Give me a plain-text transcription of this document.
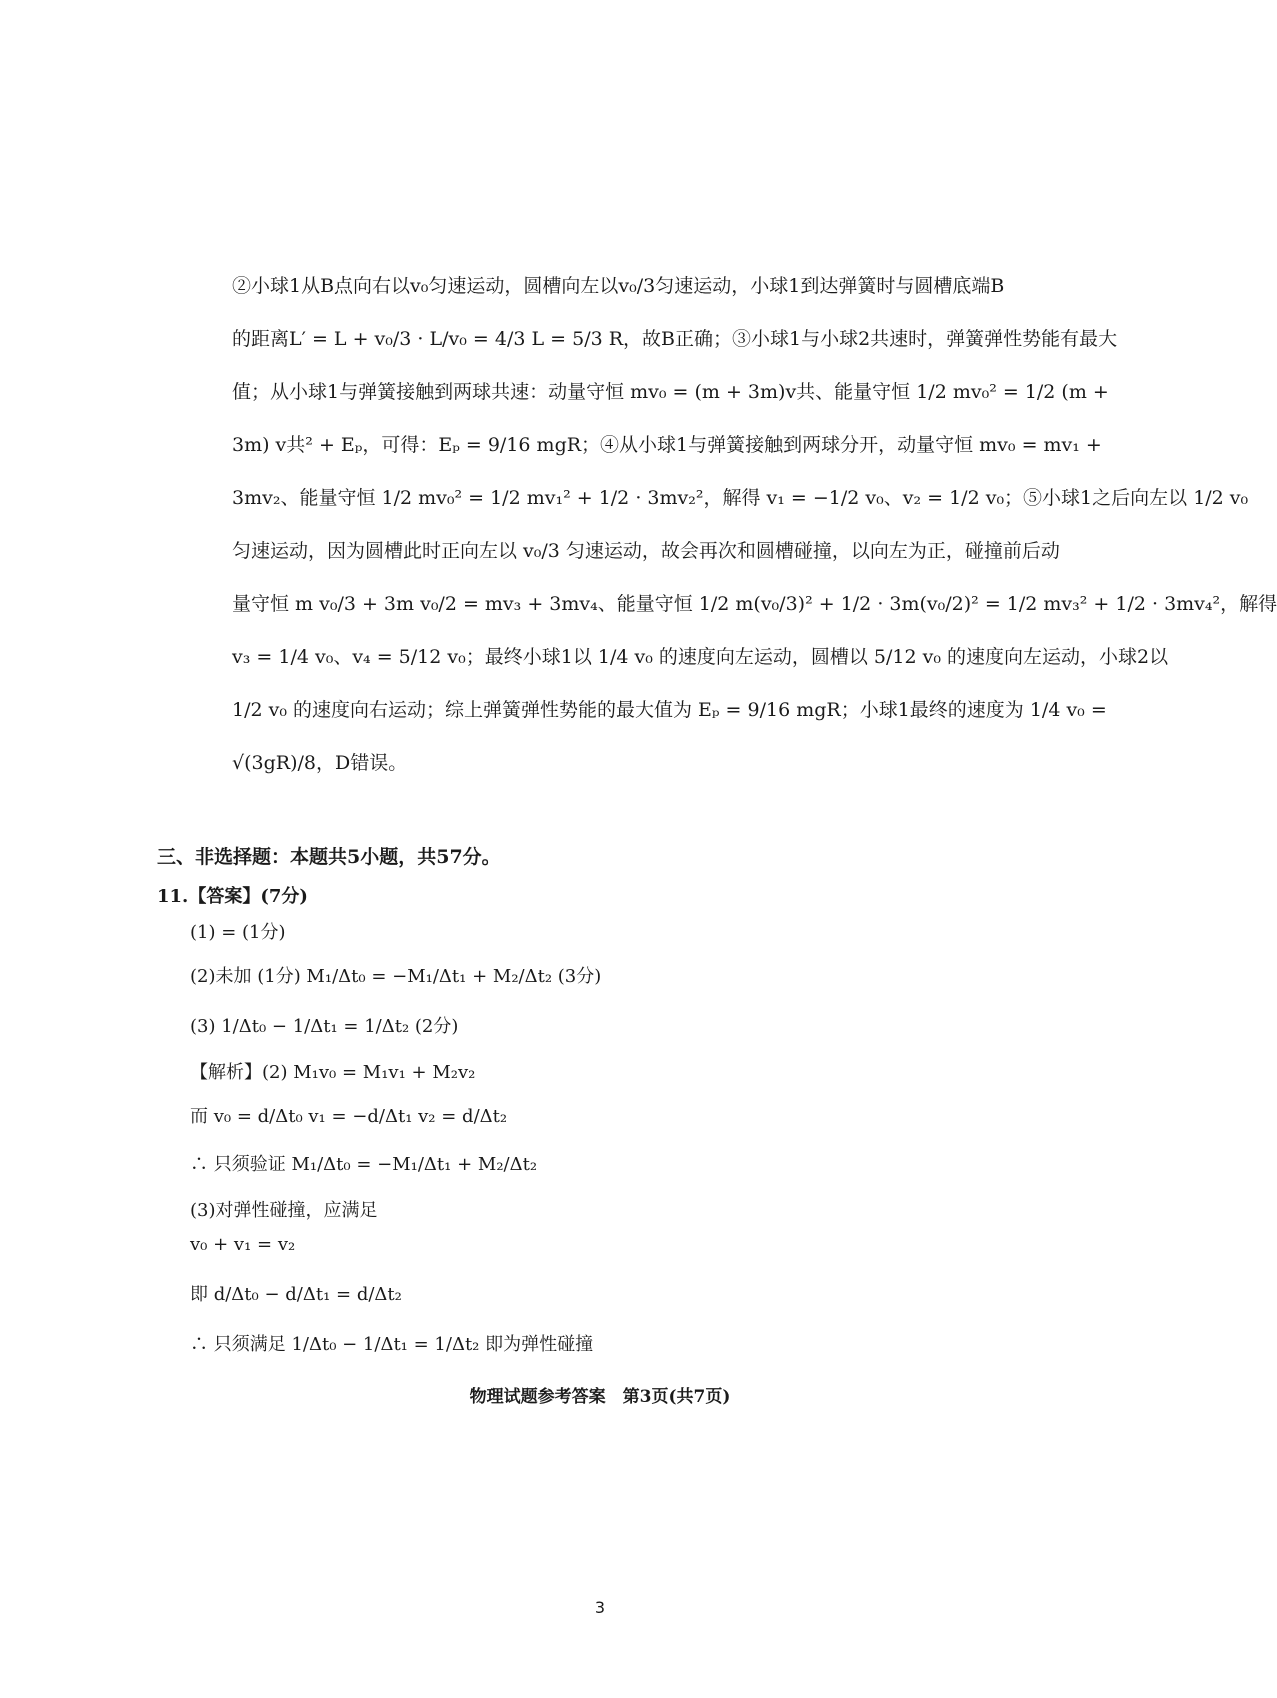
②小球1从B点向右以v₀匀速运动，圆槽向左以v₀/3匀速运动，小球1到达弹簧时与圆槽底端B
的距离L′ = L + v₀/3 · L/v₀ = 4/3 L = 5/3 R，故B正确；③小球1与小球2共速时，弹簧弹性势能有最大
值；从小球1与弹簧接触到两球共速：动量守恒 mv₀ = (m + 3m)v共、能量守恒 1/2 mv₀² = 1/2 (m +
3m) v共² + Eₚ，可得：Eₚ = 9/16 mgR；④从小球1与弹簧接触到两球分开，动量守恒 mv₀ = mv₁ +
3mv₂、能量守恒 1/2 mv₀² = 1/2 mv₁² + 1/2 · 3mv₂²，解得 v₁ = −1/2 v₀、v₂ = 1/2 v₀；⑤小球1之后向左以 1/2 v₀
匀速运动，因为圆槽此时正向左以 v₀/3 匀速运动，故会再次和圆槽碰撞，以向左为正，碰撞前后动
量守恒 m v₀/3 + 3m v₀/2 = mv₃ + 3mv₄、能量守恒 1/2 m(v₀/3)² + 1/2 · 3m(v₀/2)² = 1/2 mv₃² + 1/2 · 3mv₄²，解得
v₃ = 1/4 v₀、v₄ = 5/12 v₀；最终小球1以 1/4 v₀ 的速度向左运动，圆槽以 5/12 v₀ 的速度向左运动，小球2以
1/2 v₀ 的速度向右运动；综上弹簧弹性势能的最大值为 Eₚ = 9/16 mgR；小球1最终的速度为 1/4 v₀ =
√(3gR)/8，D错误。
三、非选择题：本题共5小题，共57分。
11.【答案】(7分)
(1) = (1分)
(2)未加 (1分) M₁/Δt₀ = −M₁/Δt₁ + M₂/Δt₂ (3分)
(3) 1/Δt₀ − 1/Δt₁ = 1/Δt₂ (2分)
【解析】(2) M₁v₀ = M₁v₁ + M₂v₂
而 v₀ = d/Δt₀ v₁ = −d/Δt₁ v₂ = d/Δt₂
∴ 只须验证 M₁/Δt₀ = −M₁/Δt₁ + M₂/Δt₂
(3)对弹性碰撞，应满足
v₀ + v₁ = v₂
即 d/Δt₀ − d/Δt₁ = d/Δt₂
∴ 只须满足 1/Δt₀ − 1/Δt₁ = 1/Δt₂ 即为弹性碰撞
物理试题参考答案　第3页(共7页)
3
